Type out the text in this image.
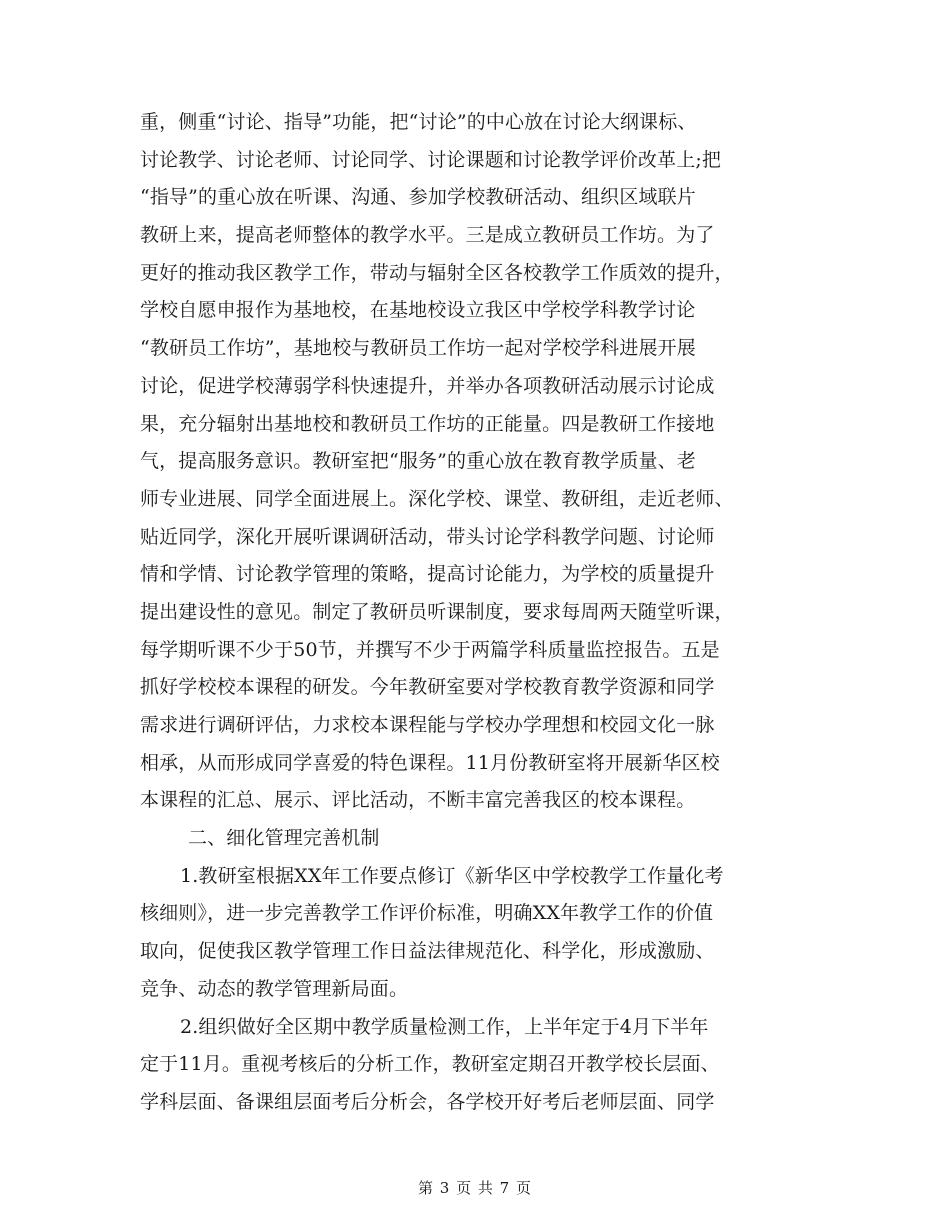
重，侧重“讨论、指导”功能，把“讨论”的中心放在讨论大纲课标、
讨论教学、讨论老师、讨论同学、讨论课题和讨论教学评价改革上;把
“指导”的重心放在听课、沟通、参加学校教研活动、组织区域联片
教研上来，提高老师整体的教学水平。三是成立教研员工作坊。为了
更好的推动我区教学工作，带动与辐射全区各校教学工作质效的提升，
学校自愿申报作为基地校，在基地校设立我区中学校学科教学讨论
“教研员工作坊”，基地校与教研员工作坊一起对学校学科进展开展
讨论，促进学校薄弱学科快速提升，并举办各项教研活动展示讨论成
果，充分辐射出基地校和教研员工作坊的正能量。四是教研工作接地
气，提高服务意识。教研室把“服务”的重心放在教育教学质量、老
师专业进展、同学全面进展上。深化学校、课堂、教研组，走近老师、
贴近同学，深化开展听课调研活动，带头讨论学科教学问题、讨论师
情和学情、讨论教学管理的策略，提高讨论能力，为学校的质量提升
提出建设性的意见。制定了教研员听课制度，要求每周两天随堂听课，
每学期听课不少于50节，并撰写不少于两篇学科质量监控报告。五是
抓好学校校本课程的研发。今年教研室要对学校教育教学资源和同学
需求进行调研评估，力求校本课程能与学校办学理想和校园文化一脉
相承，从而形成同学喜爱的特色课程。11月份教研室将开展新华区校
本课程的汇总、展示、评比活动，不断丰富完善我区的校本课程。
二、细化管理完善机制
1.教研室根据XX年工作要点修订《新华区中学校教学工作量化考
核细则》，进一步完善教学工作评价标准，明确XX年教学工作的价值
取向，促使我区教学管理工作日益法律规范化、科学化，形成激励、
竞争、动态的教学管理新局面。
2.组织做好全区期中教学质量检测工作，上半年定于4月下半年
定于11月。重视考核后的分析工作，教研室定期召开教学校长层面、
学科层面、备课组层面考后分析会，各学校开好考后老师层面、同学
第 3 页 共 7 页
